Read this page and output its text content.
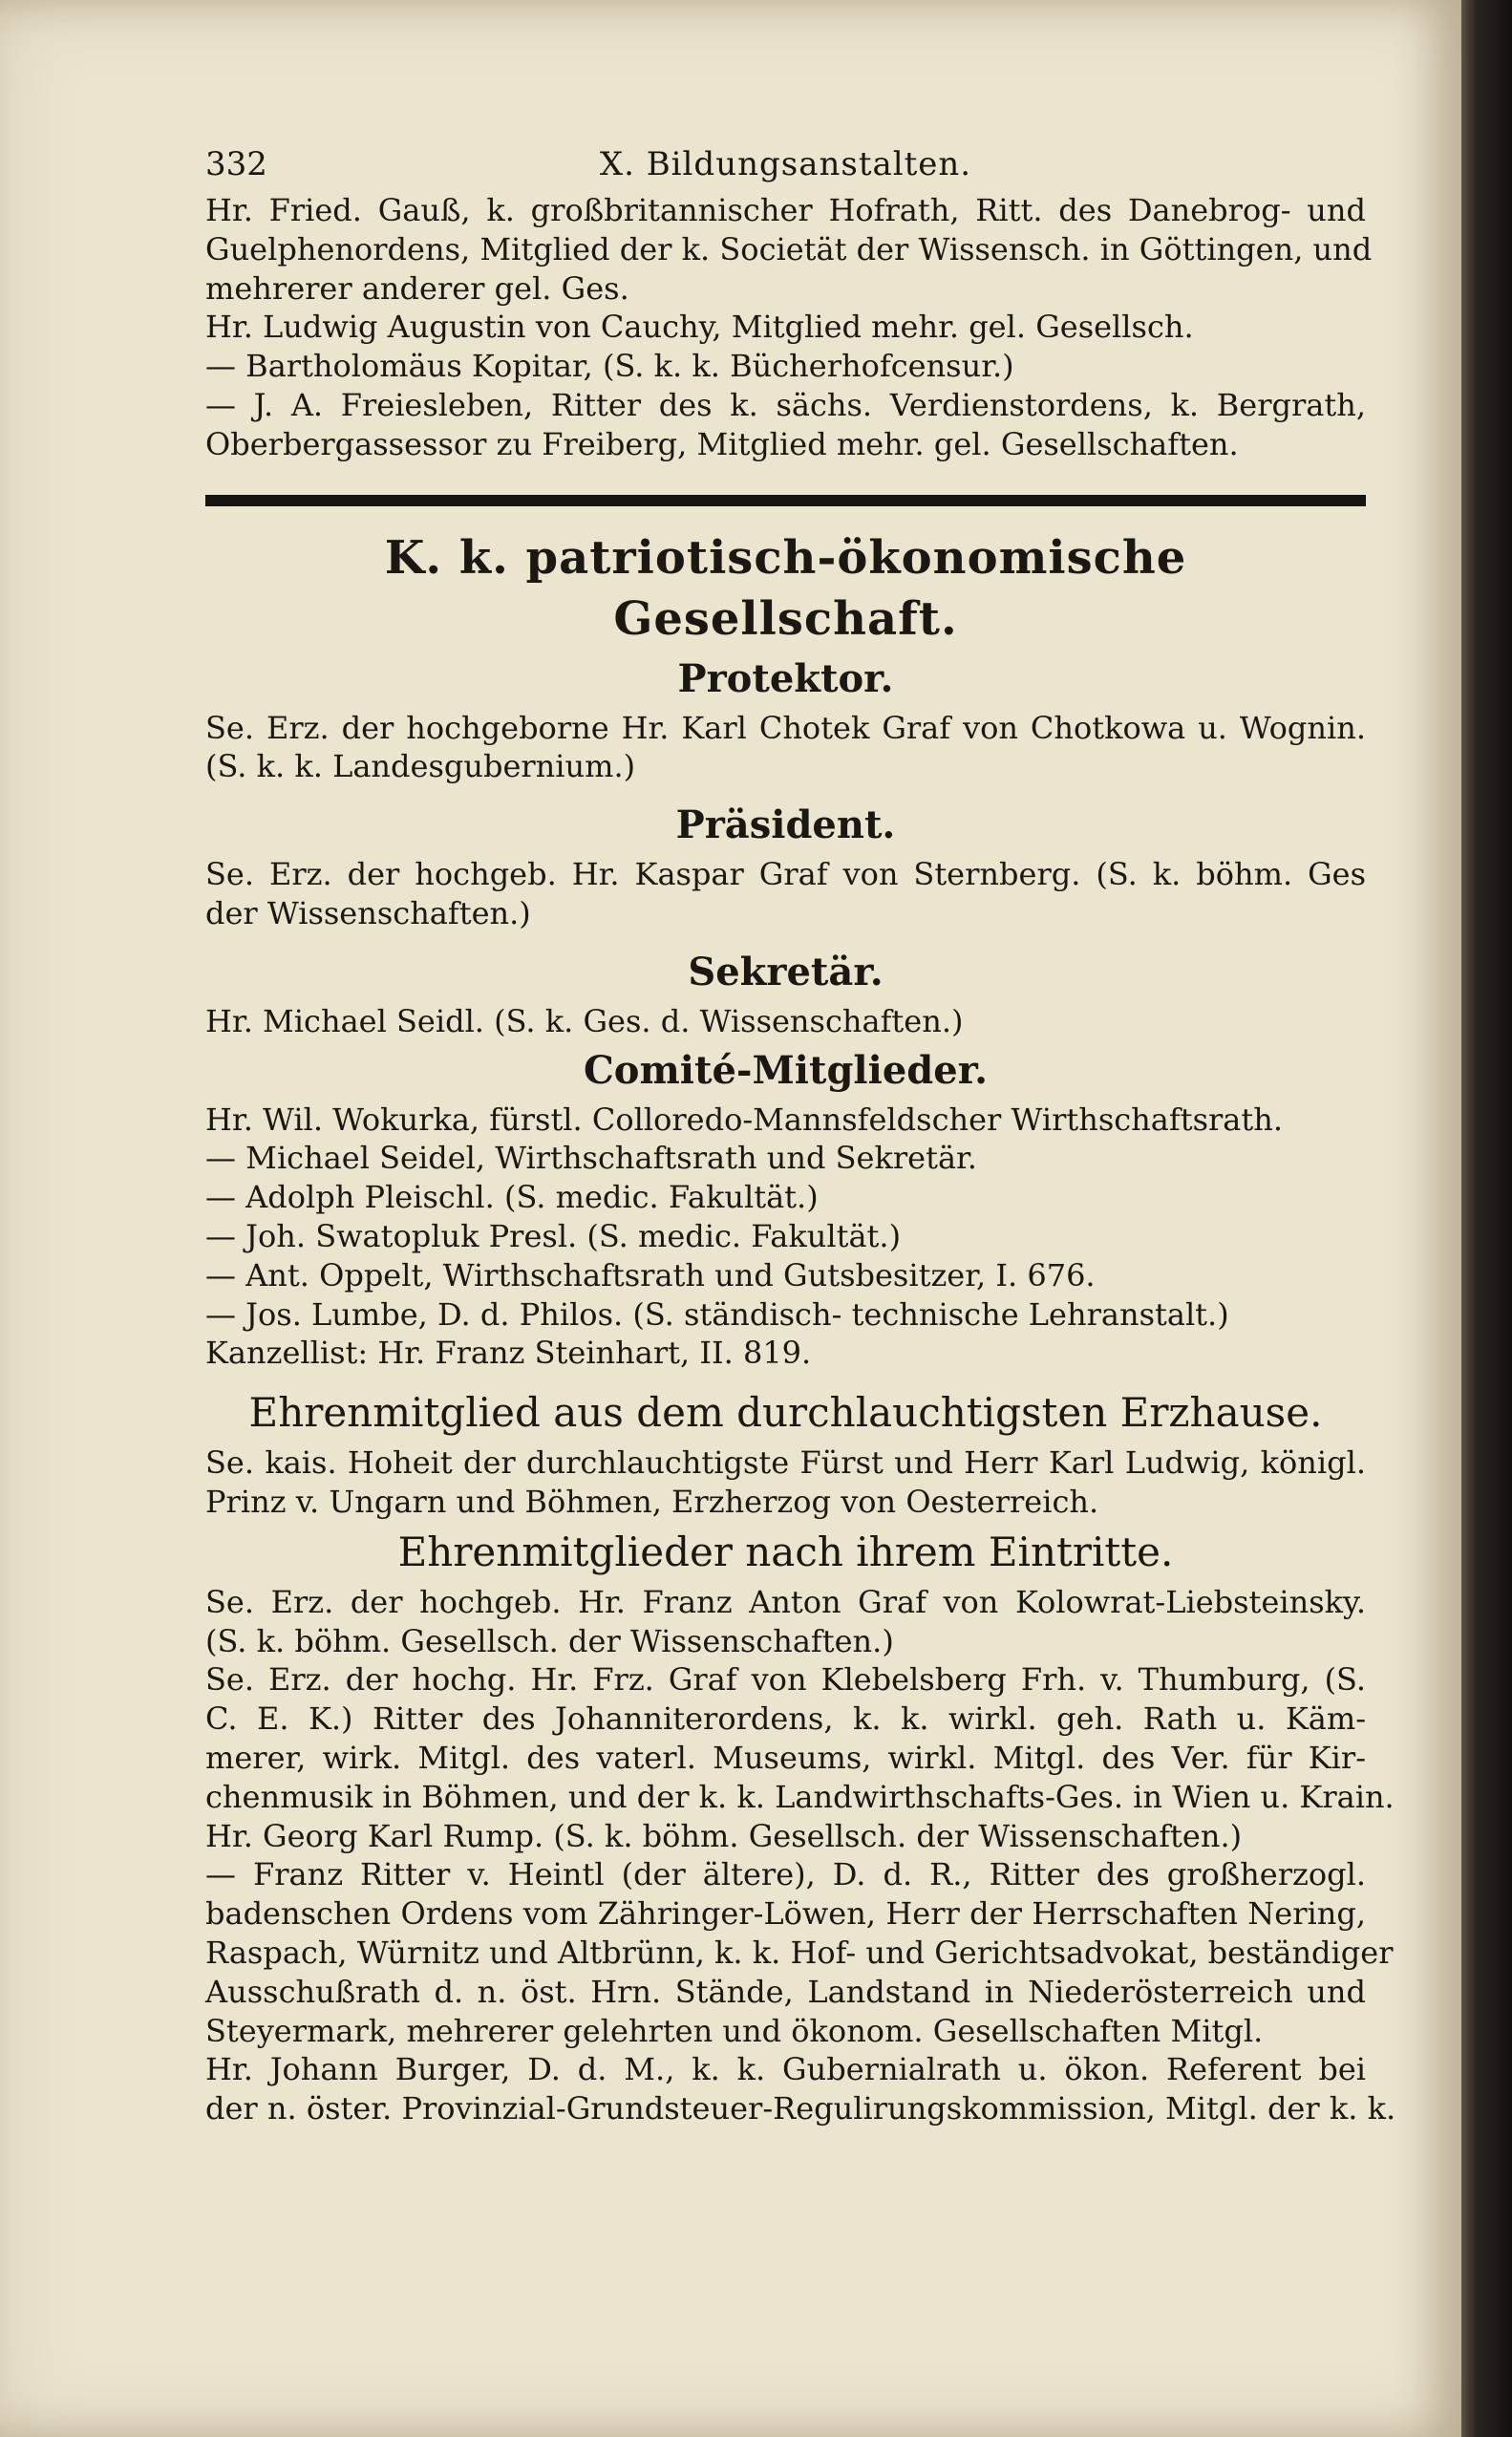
332	X. Bildungsanstalten.
Hr. Fried. Gauß, k. großbritannischer Hofrath, Ritt. des Danebrog- und
Guelphenordens, Mitglied der k. Societät der Wissensch. in Göttingen, und
mehrerer anderer gel. Ges.
Hr. Ludwig Augustin von Cauchy, Mitglied mehr. gel. Gesellsch.
— Bartholomäus Kopitar, (S. k. k. Bücherhofcensur.)
— J. A. Freiesleben, Ritter des k. sächs. Verdienstordens, k. Bergrath,
Oberbergassessor zu Freiberg, Mitglied mehr. gel. Gesellschaften.
K. k. patriotisch-ökonomische Gesellschaft.
Protektor.
Se. Erz. der hochgeborne Hr. Karl Chotek Graf von Chotkowa u. Wognin.
(S. k. k. Landesgubernium.)
Präsident.
Se. Erz. der hochgeb. Hr. Kaspar Graf von Sternberg. (S. k. böhm. Ges
der Wissenschaften.)
Sekretär.
Hr. Michael Seidl. (S. k. Ges. d. Wissenschaften.)
Comité-Mitglieder.
Hr. Wil. Wokurka, fürstl. Colloredo-Mannsfeldscher Wirthschaftsrath.
— Michael Seidel, Wirthschaftsrath und Sekretär.
— Adolph Pleischl. (S. medic. Fakultät.)
— Joh. Swatopluk Presl. (S. medic. Fakultät.)
— Ant. Oppelt, Wirthschaftsrath und Gutsbesitzer, I. 676.
— Jos. Lumbe, D. d. Philos. (S. ständisch- technische Lehranstalt.)
Kanzellist: Hr. Franz Steinhart, II. 819.
Ehrenmitglied aus dem durchlauchtigsten Erzhause.
Se. kais. Hoheit der durchlauchtigste Fürst und Herr Karl Ludwig, königl.
Prinz v. Ungarn und Böhmen, Erzherzog von Oesterreich.
Ehrenmitglieder nach ihrem Eintritte.
Se. Erz. der hochgeb. Hr. Franz Anton Graf von Kolowrat-Liebsteinsky.
(S. k. böhm. Gesellsch. der Wissenschaften.)
Se. Erz. der hochg. Hr. Frz. Graf von Klebelsberg Frh. v. Thumburg, (S.
C. E. K.) Ritter des Johanniterordens, k. k. wirkl. geh. Rath u. Käm-
merer, wirk. Mitgl. des vaterl. Museums, wirkl. Mitgl. des Ver. für Kir-
chenmusik in Böhmen, und der k. k. Landwirthschafts-Ges. in Wien u. Krain.
Hr. Georg Karl Rump. (S. k. böhm. Gesellsch. der Wissenschaften.)
— Franz Ritter v. Heintl (der ältere), D. d. R., Ritter des großherzogl.
badenschen Ordens vom Zähringer-Löwen, Herr der Herrschaften Nering,
Raspach, Würnitz und Altbrünn, k. k. Hof- und Gerichtsadvokat, beständiger
Ausschußrath d. n. öst. Hrn. Stände, Landstand in Niederösterreich und
Steyermark, mehrerer gelehrten und ökonom. Gesellschaften Mitgl.
Hr. Johann Burger, D. d. M., k. k. Gubernialrath u. ökon. Referent bei
der n. öster. Provinzial-Grundsteuer-Regulirungskommission, Mitgl. der k. k.
